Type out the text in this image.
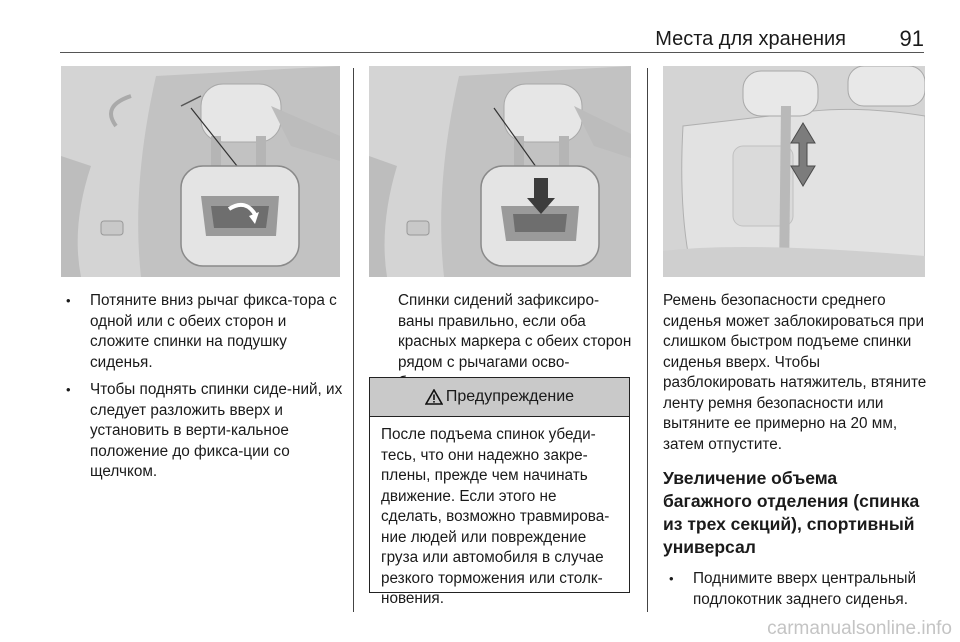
Места для хранения 91
• Потяните вниз рычаг фикса-тора с одной или с обеих сторон и сложите спинки на подушку сиденья.
• Чтобы поднять спинки сиде-ний, их следует разложить вверх и установить в верти-кальное положение до фикса-ции со щелчком.
Спинки сидений зафиксиро-ваны правильно, если оба красных маркера с обеих сторон рядом с рычагами осво-
Предупреждение
После подъема спинок убеди-тесь, что они надежно закре-плены, прежде чем начинать движение. Если этого не сделать, возможно травмирова-ние людей или повреждение груза или автомобиля в случае резкого торможения или столк-новения.
Ремень безопасности среднего сиденья может заблокироваться при слишком быстром подъеме спинки сиденья вверх. Чтобы разблокировать натяжитель, втяните ленту ремня безопасности или вытяните ее примерно на 20 мм, затем отпустите.
Увеличение объема багажного отделения (спинка из трех секций), спортивный универсал
• Поднимите вверх центральный подлокотник заднего сиденья.
carmanualsonline.info
